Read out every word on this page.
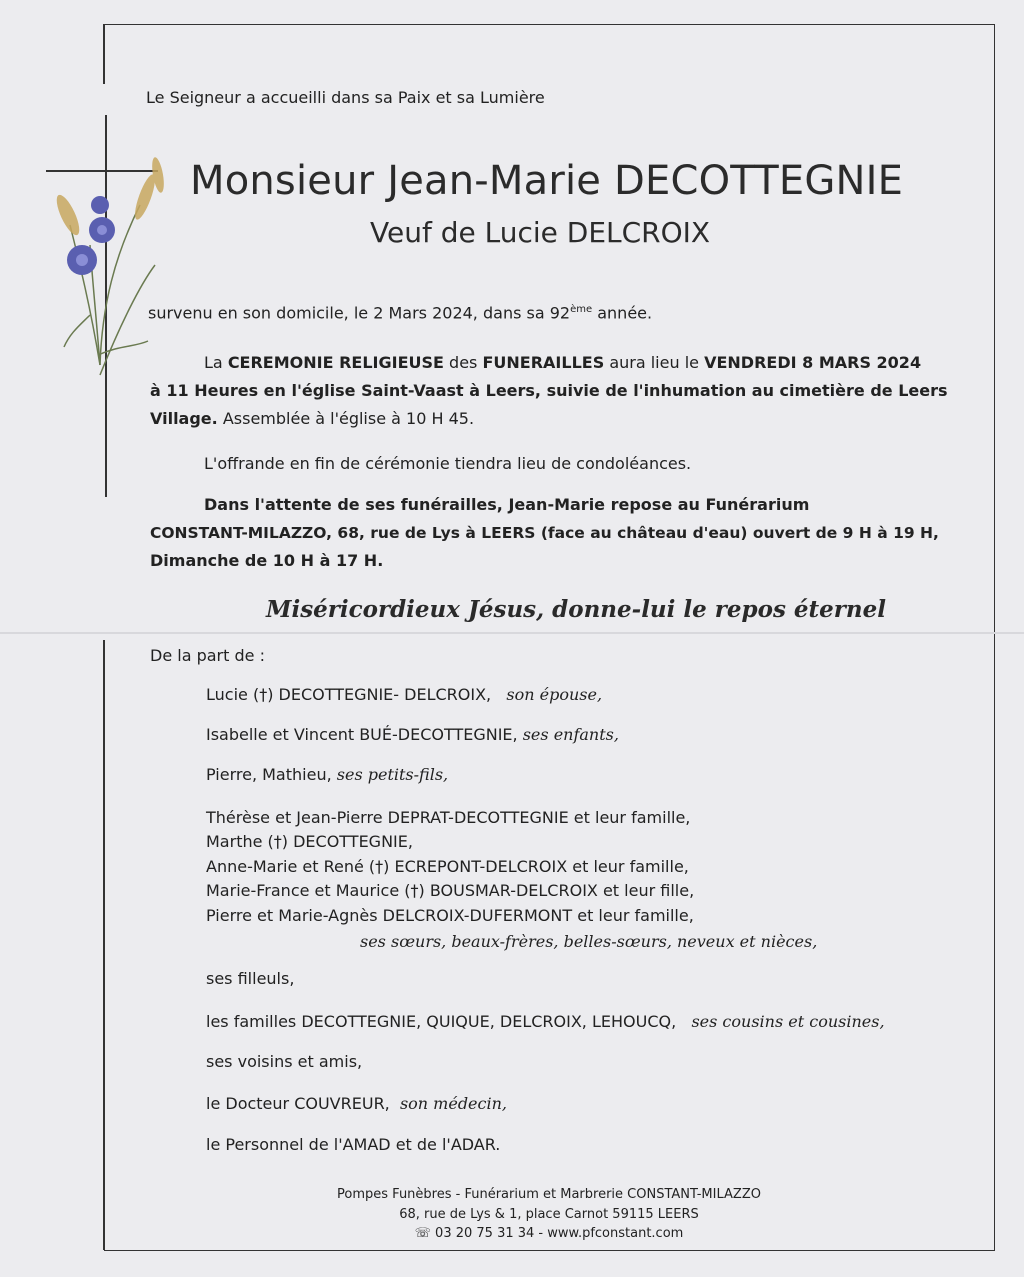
Le Seigneur a accueilli dans sa Paix et sa Lumière
Monsieur Jean-Marie DECOTTEGNIE
Veuf de Lucie DELCROIX
survenu en son domicile, le 2 Mars 2024, dans sa 92ème année.
La CEREMONIE RELIGIEUSE des FUNERAILLES aura lieu le VENDREDI 8 MARS 2024
à 11 Heures en l'église Saint-Vaast à Leers, suivie de l'inhumation au cimetière de Leers
Village. Assemblée à l'église à 10 H 45.
L'offrande en fin de cérémonie tiendra lieu de condoléances.
Dans l'attente de ses funérailles, Jean-Marie repose au Funérarium
CONSTANT-MILAZZO, 68, rue de Lys à LEERS (face au château d'eau) ouvert de 9 H à 19 H,
Dimanche de 10 H à 17 H.
Miséricordieux Jésus, donne-lui le repos éternel
De la part de :
Lucie (†) DECOTTEGNIE- DELCROIX, son épouse,
Isabelle et Vincent BUÉ-DECOTTEGNIE, ses enfants,
Pierre, Mathieu, ses petits-fils,
Thérèse et Jean-Pierre DEPRAT-DECOTTEGNIE et leur famille,
Marthe (†) DECOTTEGNIE,
Anne-Marie et René (†) ECREPONT-DELCROIX et leur famille,
Marie-France et Maurice (†) BOUSMAR-DELCROIX et leur fille,
Pierre et Marie-Agnès DELCROIX-DUFERMONT et leur famille,
ses sœurs, beaux-frères, belles-sœurs, neveux et nièces,
ses filleuls,
les familles DECOTTEGNIE, QUIQUE, DELCROIX, LEHOUCQ, ses cousins et cousines,
ses voisins et amis,
le Docteur COUVREUR, son médecin,
le Personnel de l'AMAD et de l'ADAR.
Pompes Funèbres - Funérarium et Marbrerie CONSTANT-MILAZZO
68, rue de Lys & 1, place Carnot 59115 LEERS
☏ 03 20 75 31 34 - www.pfconstant.com
